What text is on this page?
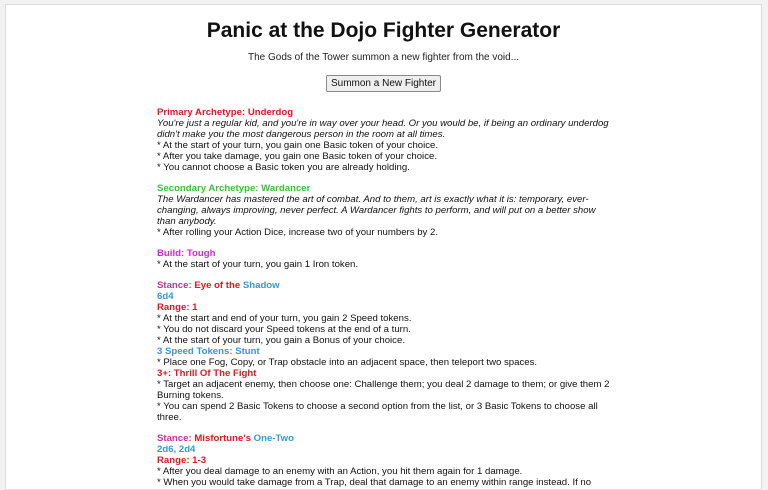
Panic at the Dojo Fighter Generator
The Gods of the Tower summon a new fighter from the void...
Summon a New Fighter
Primary Archetype: Underdog
You're just a regular kid, and you're in way over your head. Or you would be, if being an ordinary underdog didn't make you the most dangerous person in the room at all times.
* At the start of your turn, you gain one Basic token of your choice.
* After you take damage, you gain one Basic token of your choice.
* You cannot choose a Basic token you are already holding.
Secondary Archetype: Wardancer
The Wardancer has mastered the art of combat. And to them, art is exactly what it is: temporary, ever-changing, always improving, never perfect. A Wardancer fights to perform, and will put on a better show than anybody.
* After rolling your Action Dice, increase two of your numbers by 2.
Build: Tough
* At the start of your turn, you gain 1 Iron token.
Stance: Eye of the Shadow
6d4
Range: 1
* At the start and end of your turn, you gain 2 Speed tokens.
* You do not discard your Speed tokens at the end of a turn.
* At the start of your turn, you gain a Bonus of your choice.
3 Speed Tokens: Stunt
* Place one Fog, Copy, or Trap obstacle into an adjacent space, then teleport two spaces.
3+: Thrill Of The Fight
* Target an adjacent enemy, then choose one: Challenge them; you deal 2 damage to them; or give them 2 Burning tokens.
* You can spend 2 Basic Tokens to choose a second option from the list, or 3 Basic Tokens to choose all three.
Stance: Misfortune's One-Two
2d6, 2d4
Range: 1-3
* After you deal damage to an enemy with an Action, you hit them again for 1 damage.
* When you would take damage from a Trap, deal that damage to an enemy within range instead. If no
